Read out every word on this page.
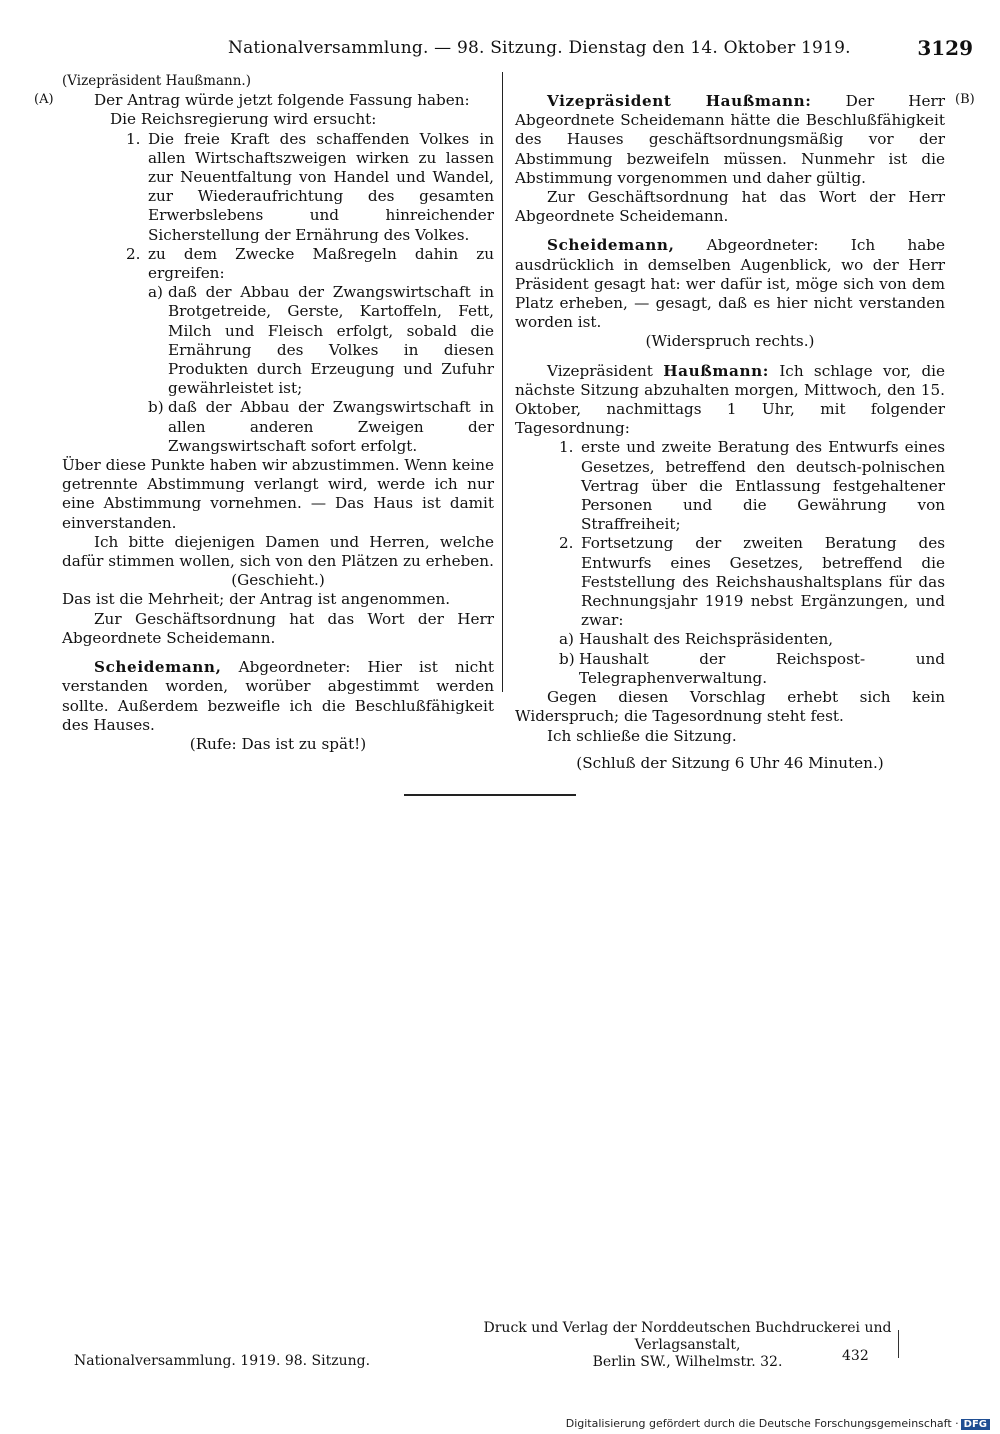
Nationalversammlung. — 98. Sitzung. Dienstag den 14. Oktober 1919.	3129
(A)	(B)

(Vizepräsident Haußmann.)

Der Antrag würde jetzt folgende Fassung haben:

Die Reichsregierung wird ersucht:

1. Die freie Kraft des schaffenden Volkes in allen Wirtschaftszweigen wirken zu lassen zur Neuentfaltung von Handel und Wandel, zur Wiederaufrichtung des gesamten Erwerbslebens und hinreichender Sicherstellung der Ernährung des Volkes.
2. zu dem Zwecke Maßregeln dahin zu ergreifen:
a) daß der Abbau der Zwangswirtschaft in Brotgetreide, Gerste, Kartoffeln, Fett, Milch und Fleisch erfolgt, sobald die Ernährung des Volkes in diesen Produkten durch Erzeugung und Zufuhr gewährleistet ist;
b) daß der Abbau der Zwangswirtschaft in allen anderen Zweigen der Zwangswirtschaft sofort erfolgt.

Über diese Punkte haben wir abzustimmen. Wenn keine getrennte Abstimmung verlangt wird, werde ich nur eine Abstimmung vornehmen. — Das Haus ist damit einverstanden.

Ich bitte diejenigen Damen und Herren, welche dafür stimmen wollen, sich von den Plätzen zu erheben.

(Geschieht.)

Das ist die Mehrheit; der Antrag ist angenommen.

Zur Geschäftsordnung hat das Wort der Herr Abgeordnete Scheidemann.

Scheidemann, Abgeordneter: Hier ist nicht verstanden worden, worüber abgestimmt werden sollte. Außerdem bezweifle ich die Beschlußfähigkeit des Hauses.

(Rufe: Das ist zu spät!)

Vizepräsident Haußmann: Der Herr Abgeordnete Scheidemann hätte die Beschlußfähigkeit des Hauses geschäftsordnungsmäßig vor der Abstimmung bezweifeln müssen. Nunmehr ist die Abstimmung vorgenommen und daher gültig.

Zur Geschäftsordnung hat das Wort der Herr Abgeordnete Scheidemann.

Scheidemann, Abgeordneter: Ich habe ausdrücklich in demselben Augenblick, wo der Herr Präsident gesagt hat: wer dafür ist, möge sich von dem Platz erheben, — gesagt, daß es hier nicht verstanden worden ist.

(Widerspruch rechts.)

Vizepräsident Haußmann: Ich schlage vor, die nächste Sitzung abzuhalten morgen, Mittwoch, den 15. Oktober, nachmittags 1 Uhr, mit folgender Tagesordnung:

1. erste und zweite Beratung des Entwurfs eines Gesetzes, betreffend den deutsch-polnischen Vertrag über die Entlassung festgehaltener Personen und die Gewährung von Straffreiheit;
2. Fortsetzung der zweiten Beratung des Entwurfs eines Gesetzes, betreffend die Feststellung des Reichshaushaltsplans für das Rechnungsjahr 1919 nebst Ergänzungen, und zwar:
a) Haushalt des Reichspräsidenten,
b) Haushalt der Reichspost- und Telegraphenverwaltung.

Gegen diesen Vorschlag erhebt sich kein Widerspruch; die Tagesordnung steht fest.

Ich schließe die Sitzung.

(Schluß der Sitzung 6 Uhr 46 Minuten.)

Druck und Verlag der Norddeutschen Buchdruckerei und Verlagsanstalt,
Berlin SW., Wilhelmstr. 32.
Nationalversammlung. 1919. 98. Sitzung.	432
Digitalisierung gefördert durch die Deutsche Forschungsgemeinschaft · DFG
